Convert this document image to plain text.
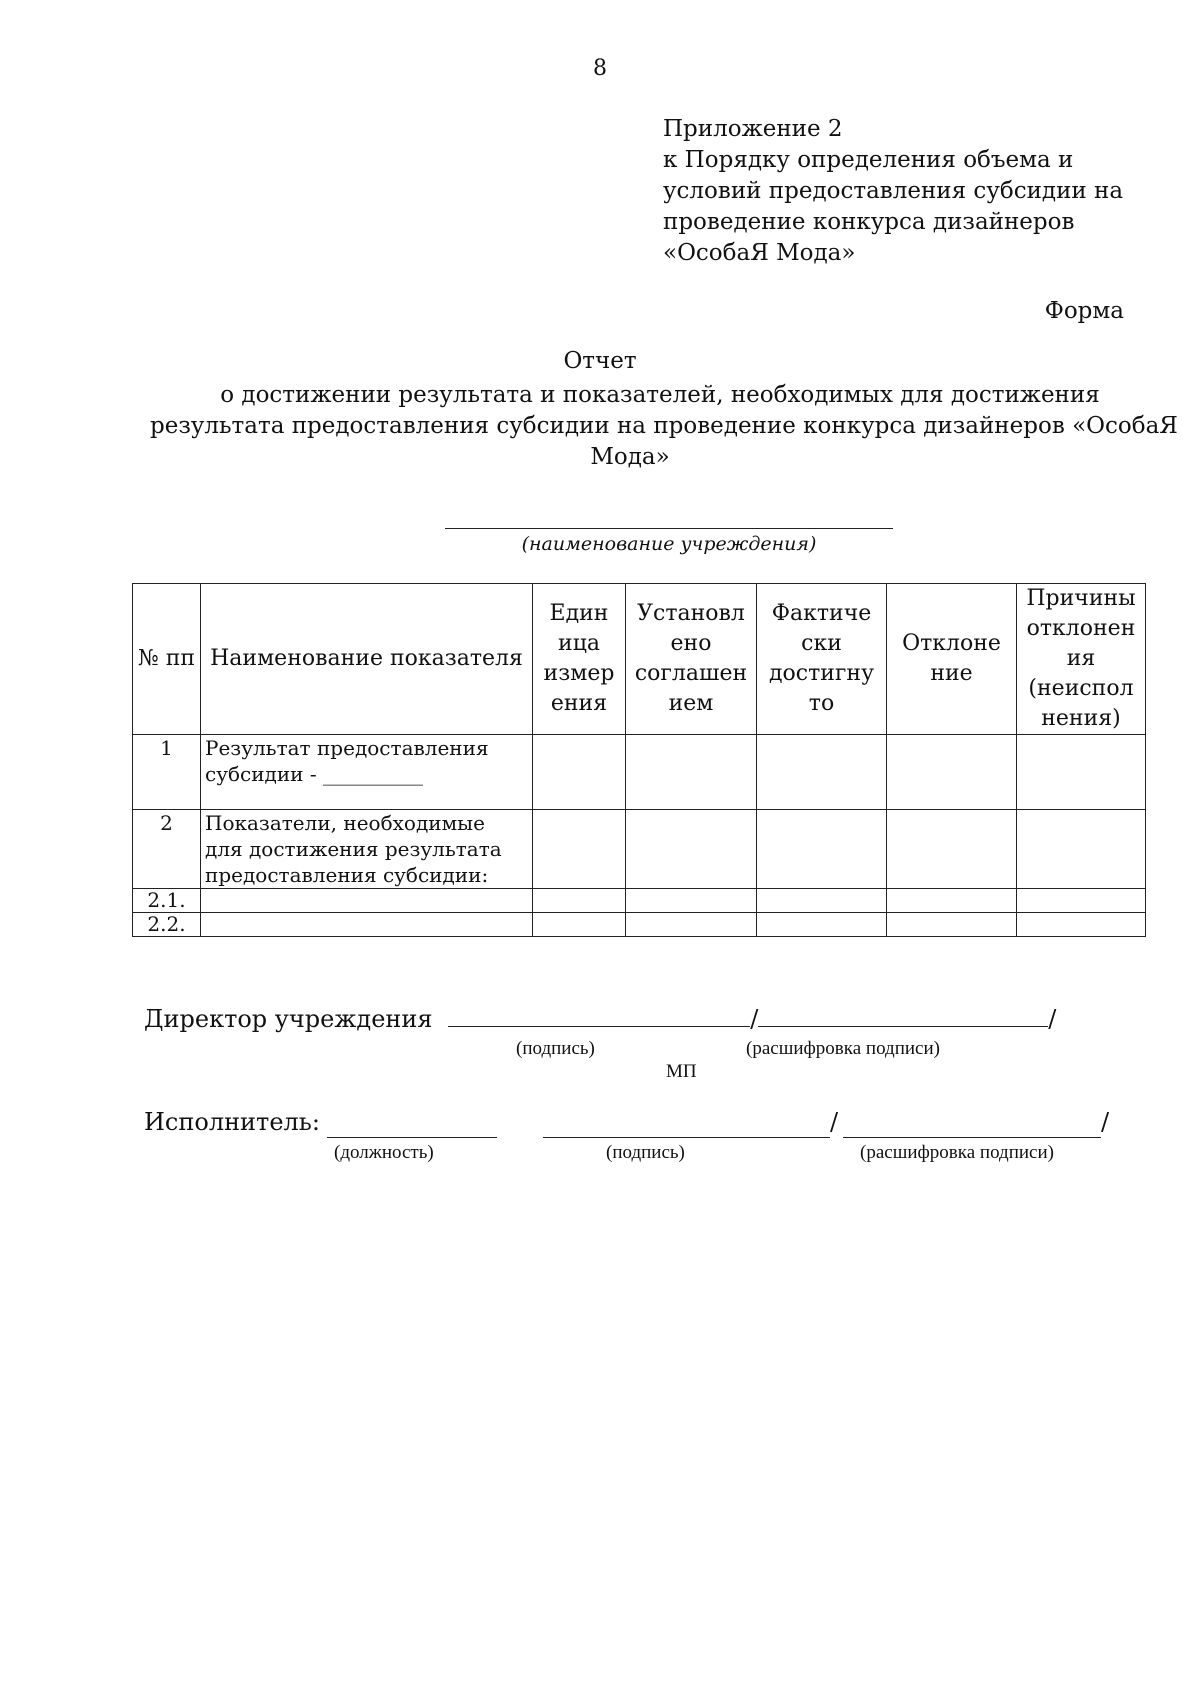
8
Приложение 2
к Порядку определения объема и
условий предоставления субсидии на
проведение конкурса дизайнеров
«ОсобаЯ Мода»
Форма
Отчет
о достижении результата и показателей, необходимых для достижения
результата предоставления субсидии на проведение конкурса дизайнеров «ОсобаЯ
Мода»
(наименование учреждения)
№ пп	Наименование показателя	Един ица измер ения	Установл ено соглашен ием	Фактиче ски достигну то	Отклоне ние	Причины отклонен ия (неиспол нения)
1	Результат предоставления субсидии - __________					
2	Показатели, необходимые для достижения результата предоставления субсидии:					
2.1.						
2.2.						
Директор учреждения	/	/
(подпись)	(расшифровка подписи)
МП
Исполнитель:	/	/
(должность)	(подпись)	(расшифровка подписи)
